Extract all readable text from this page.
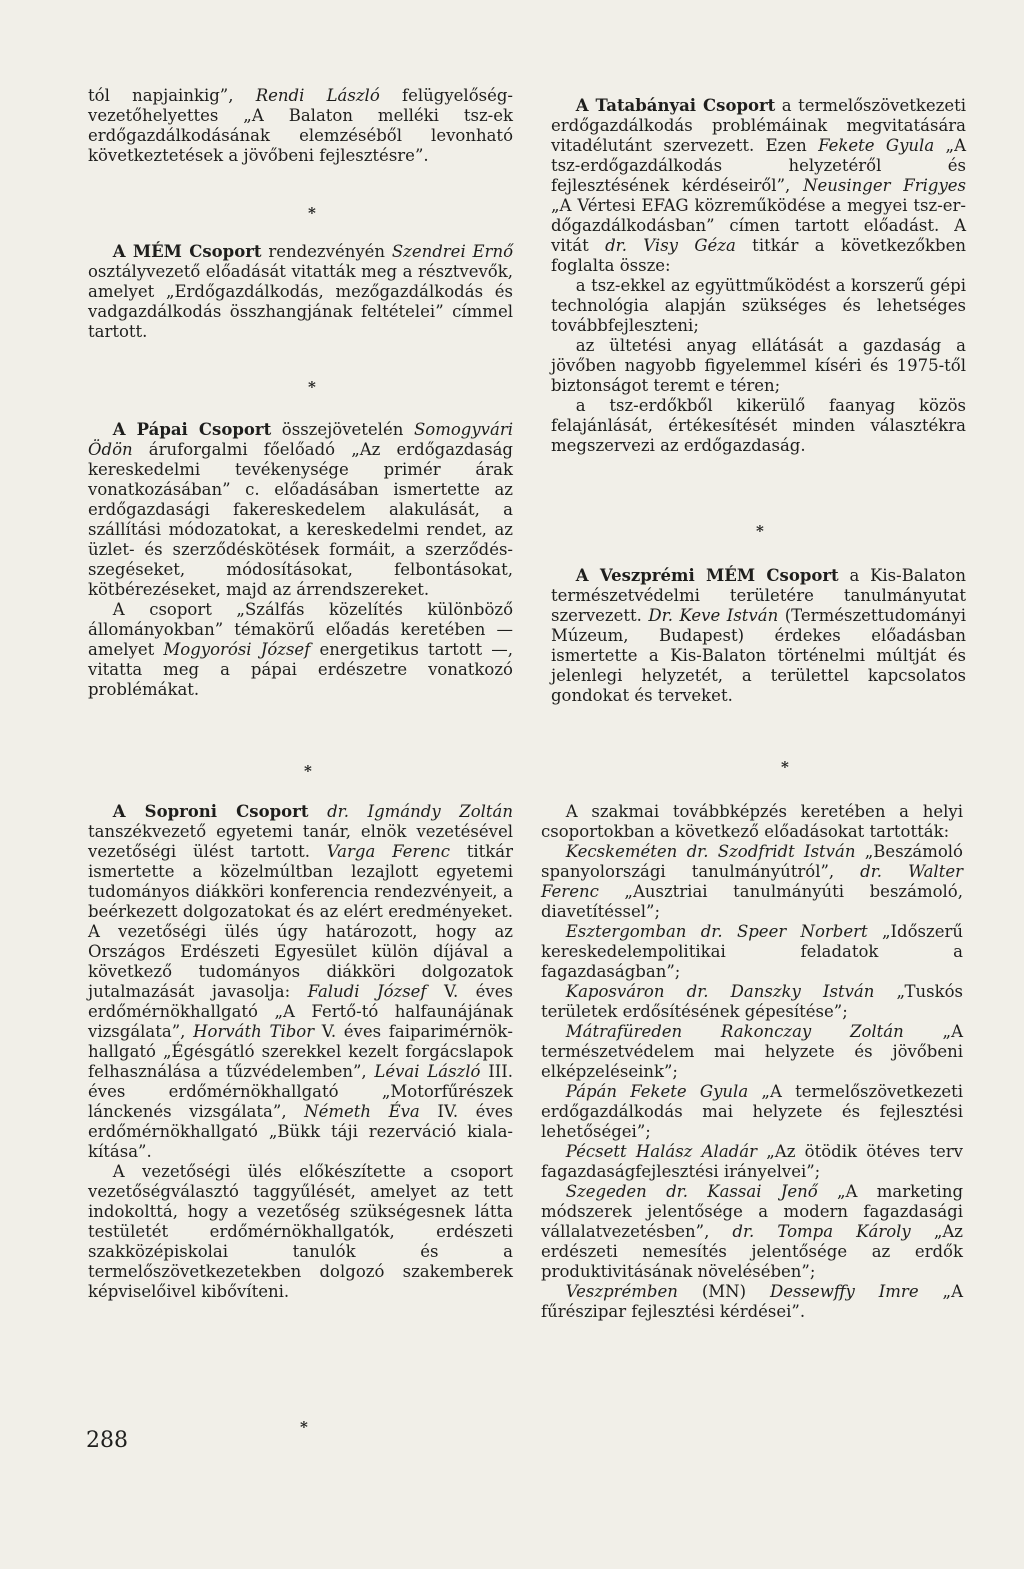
tól napjainkig”, Rendi László felügyelőség-vezetőhelyettes „A Balaton melléki tsz-ek erdőgazdálkodásának elemzéséből levonható következtetések a jövőbeni fejlesztésre”.

*

A MÉM Csoport rendezvényén Szendrei Ernő osztályvezető előadását vitatták meg a résztvevők, amelyet „Erdőgazdálkodás, mezőgazdálkodás és vadgazdálkodás összhangjának feltételei” címmel tartott.

*

A Pápai Csoport összejövetelén Somogyvári Ödön áruforgalmi főelőadó „Az erdőgazdaság kereskedelmi tevékenysége primér árak vonatkozásában” c. előadásában ismertette az erdőgazdasági fakereskedelem alakulását, a szállítási módozatokat, a kereskedelmi rendet, az üzlet- és szerződéskötések formáit, a szerződésszegéseket, módosításokat, felbontásokat, kötbérezéseket, majd az árrendszereket.

A csoport „Szálfás közelítés különböző állományokban” témakörű előadás keretében — amelyet Mogyorósi József energetikus tartott —, vitatta meg a pápai erdészetre vonatkozó problémákat.

A Tatabányai Csoport a termelőszövetkezeti erdőgazdálkodás problémáinak megvitatására vitadélutánt szervezett. Ezen Fekete Gyula „A tsz-erdőgazdálkodás helyzetéről és fejlesztésének kérdéseiről”, Neusinger Frigyes „A Vértesi EFAG közreműködése a megyei tsz-erdőgazdálkodásban” címen tartott előadást. A vitát dr. Visy Géza titkár a következőkben foglalta össze:

a tsz-ekkel az együttműködést a korszerű gépi technológia alapján szükséges és lehetséges továbbfejleszteni;

az ültetési anyag ellátását a gazdaság a jövőben nagyobb figyelemmel kíséri és 1975-től biztonságot teremt e téren;

a tsz-erdőkből kikerülő faanyag közös felajánlását, értékesítését minden választékra megszervezi az erdőgazdaság.

*

A Veszprémi MÉM Csoport a Kis-Balaton természetvédelmi területére tanulmányutat szervezett. Dr. Keve István (Természettudományi Múzeum, Budapest) érdekes előadásban ismertette a Kis-Balaton történelmi múltját és jelenlegi helyzetét, a területtel kapcsolatos gondokat és terveket.

*	*

A Soproni Csoport dr. Igmándy Zoltán tanszékvezető egyetemi tanár, elnök vezetésével vezetőségi ülést tartott. Varga Ferenc titkár ismertette a közelmúltban lezajlott egyetemi tudományos diákköri konferencia rendezvényeit, a beérkezett dolgozatokat és az elért eredményeket. A vezetőségi ülés úgy határozott, hogy az Országos Erdészeti Egyesület külön díjával a következő tudományos diákköri dolgozatok jutalmazását javasolja: Faludi József V. éves erdőmérnökhallgató „A Fertő-tó halfaunájának vizsgálata”, Horváth Tibor V. éves faiparimérnökhallgató „Égésgátló szerekkel kezelt forgácslapok felhasználása a tűzvédelemben”, Lévai László III. éves erdőmérnökhallgató „Motorfűrészek lánckenés vizsgálata”, Németh Éva IV. éves erdőmérnökhallgató „Bükk táji rezerváció kialakítása”.

A vezetőségi ülés előkészítette a csoport vezetőségválasztó taggyűlését, amelyet az tett indokolttá, hogy a vezetőség szükségesnek látta testületét erdőmérnökhallgatók, erdészeti szakközépiskolai tanulók és a termelőszövetkezetekben dolgozó szakemberek képviselőivel kibővíteni.

*

A szakmai továbbképzés keretében a helyi csoportokban a következő előadásokat tartották:

Kecskeméten dr. Szodfridt István „Beszámoló spanyolországi tanulmányútról”, dr. Walter Ferenc „Ausztriai tanulmányúti beszámoló, diavetítéssel”;

Esztergomban dr. Speer Norbert „Időszerű kereskedelempolitikai feladatok a fagazdaságban”;

Kaposváron dr. Danszky István „Tuskós területek erdősítésének gépesítése”;

Mátrafüreden Rakonczay Zoltán „A természetvédelem mai helyzete és jövőbeni elképzeléseink”;

Pápán Fekete Gyula „A termelőszövetkezeti erdőgazdálkodás mai helyzete és fejlesztési lehetőségei”;

Pécsett Halász Aladár „Az ötödik ötéves terv fagazdaságfejlesztési irányelvei”;

Szegeden dr. Kassai Jenő „A marketing módszerek jelentősége a modern fagazdasági vállalatvezetésben”, dr. Tompa Károly „Az erdészeti nemesítés jelentősége az erdők produktivitásának növelésében”;

Veszprémben (MN) Dessewffy Imre „A fűrészipar fejlesztési kérdései”.

288
